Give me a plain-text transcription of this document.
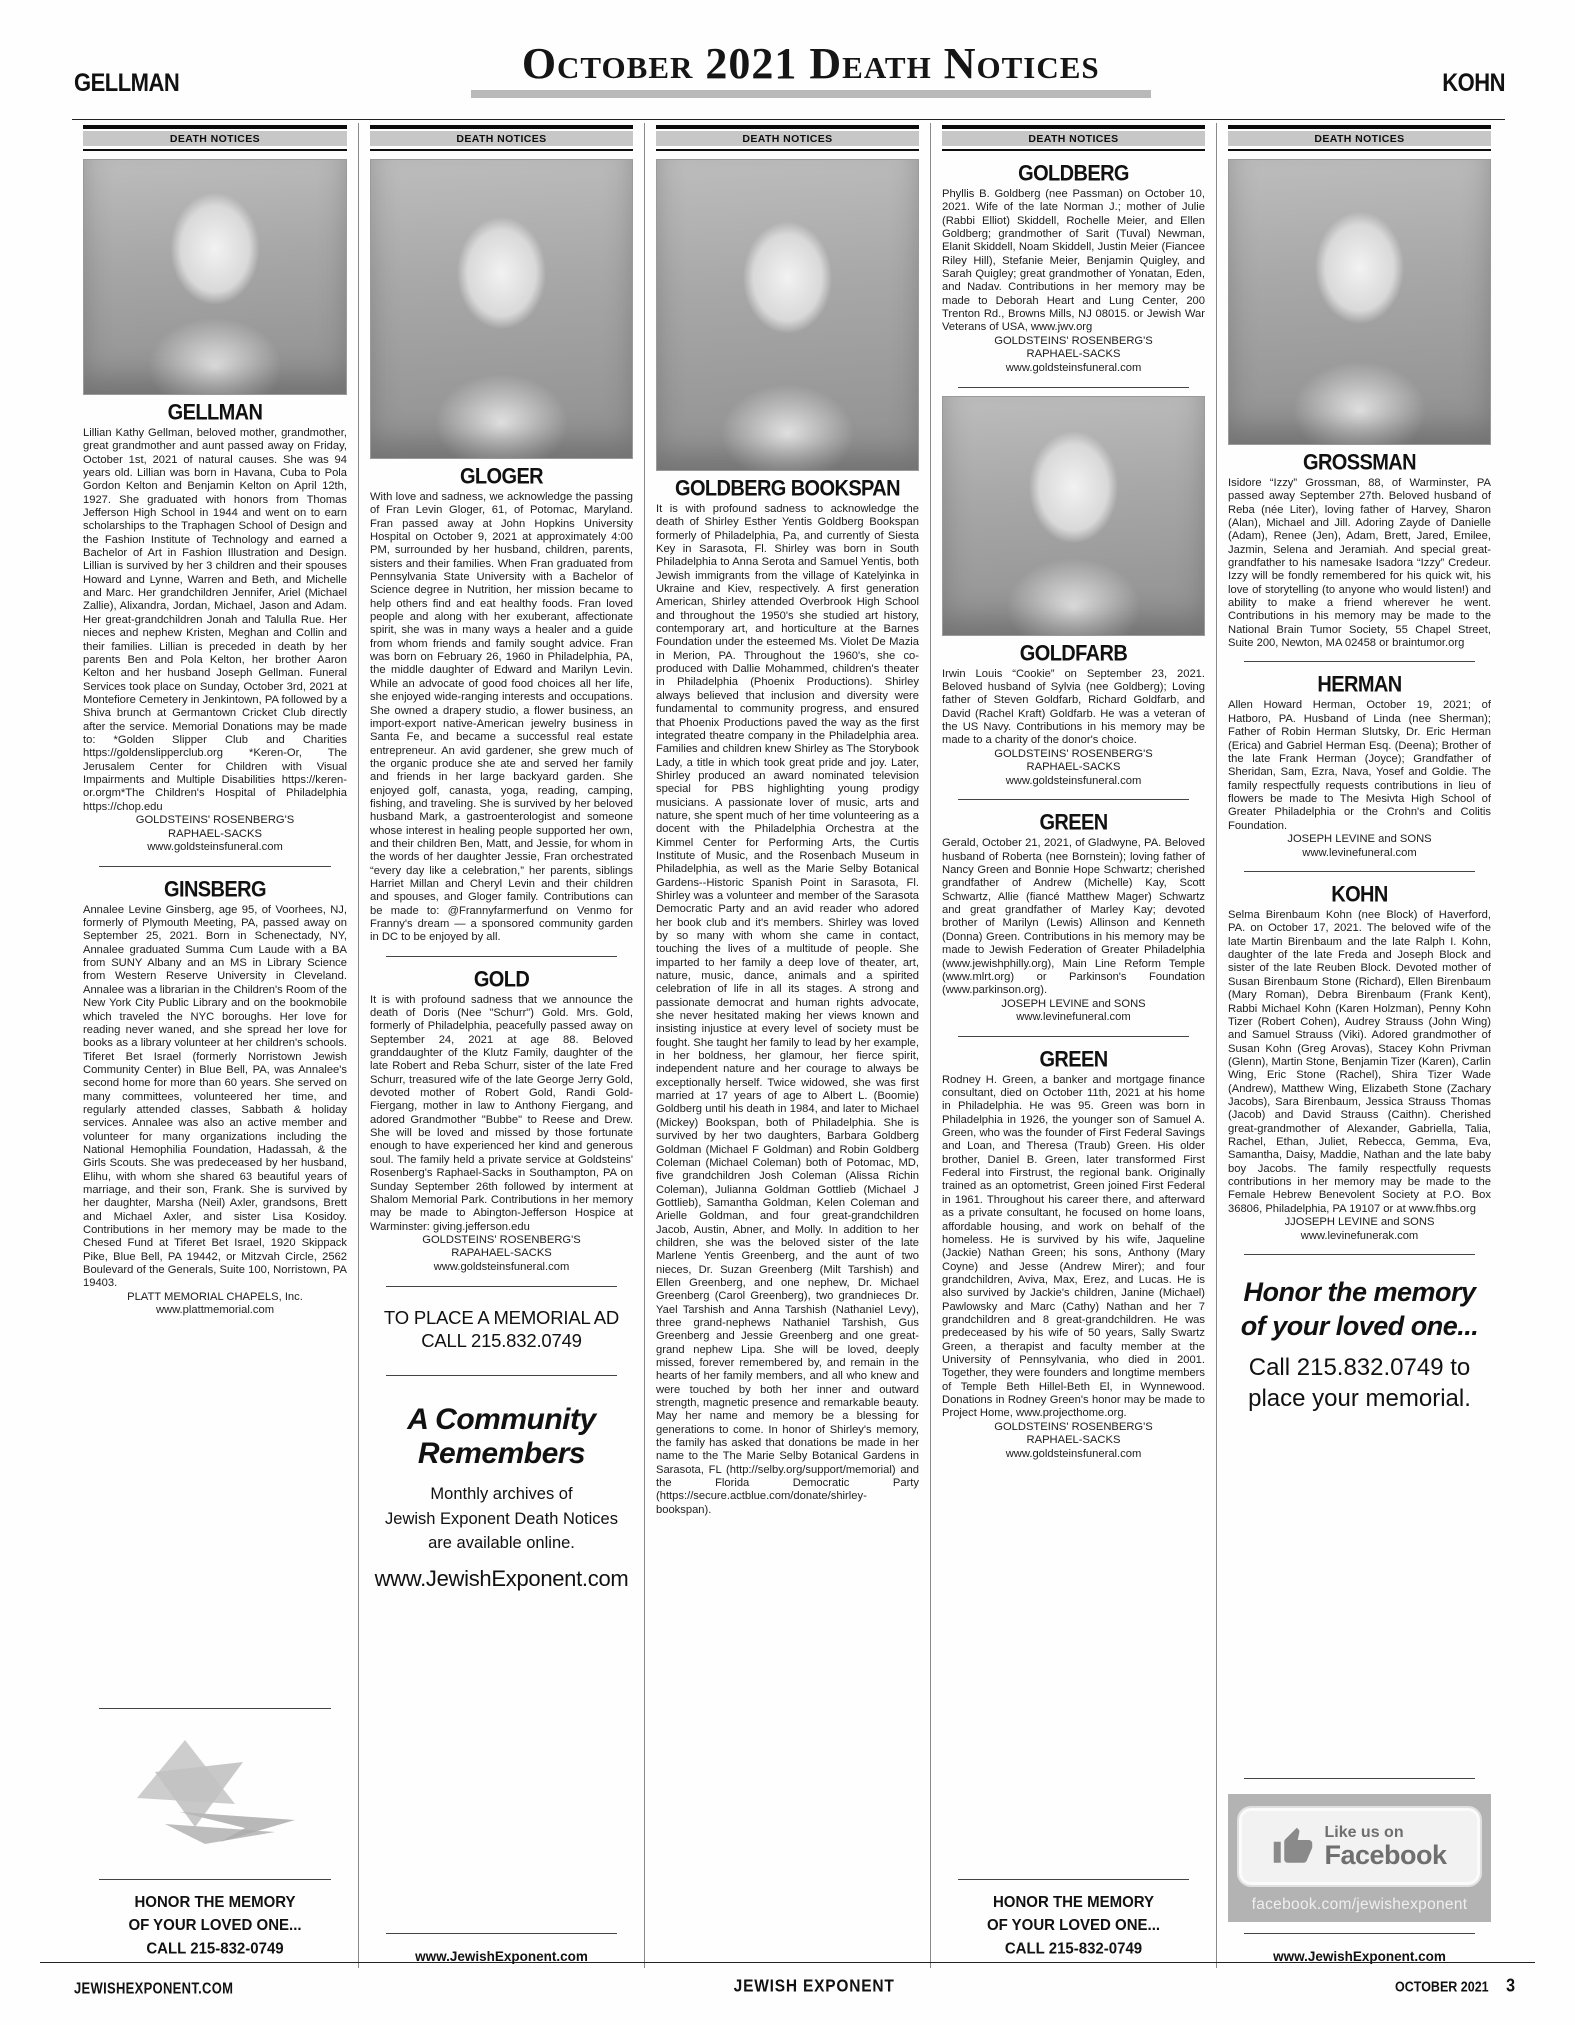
GELLMAN	October 2021 Death Notices	KOHN
DEATH NOTICES
GELLMAN
Lillian Kathy Gellman, beloved mother, grandmother, great grandmother and aunt passed away on Friday, October 1st, 2021 of natural causes. She was 94 years old. Lillian was born in Havana, Cuba to Pola Gordon Kelton and Benjamin Kelton on April 12th, 1927. She graduated with honors from Thomas Jefferson High School in 1944 and went on to earn scholarships to the Traphagen School of Design and the Fashion Institute of Technology and earned a Bachelor of Art in Fashion Illustration and Design. Lillian is survived by her 3 children and their spouses Howard and Lynne, Warren and Beth, and Michelle and Marc. Her grandchildren Jennifer, Ariel (Michael Zallie), Alixandra, Jordan, Michael, Jason and Adam. Her great-grandchildren Jonah and Talulla Rue. Her nieces and nephew Kristen, Meghan and Collin and their families. Lillian is preceded in death by her parents Ben and Pola Kelton, her brother Aaron Kelton and her husband Joseph Gellman. Funeral Services took place on Sunday, October 3rd, 2021 at Montefiore Cemetery in Jenkintown, PA followed by a Shiva brunch at Germantown Cricket Club directly after the service. Memorial Donations may be made to: *Golden Slipper Club and Charities https://goldenslipperclub.org *Keren-Or, The Jerusalem Center for Children with Visual Impairments and Multiple Disabilities https://keren-or.orgm*The Children's Hospital of Philadelphia https://chop.edu
GOLDSTEINS' ROSENBERG'S
RAPHAEL-SACKS
www.goldsteinsfuneral.com
GINSBERG
Annalee Levine Ginsberg, age 95, of Voorhees, NJ, formerly of Plymouth Meeting, PA, passed away on September 25, 2021. Born in Schenectady, NY, Annalee graduated Summa Cum Laude with a BA from SUNY Albany and an MS in Library Science from Western Reserve University in Cleveland. Annalee was a librarian in the Children's Room of the New York City Public Library and on the bookmobile which traveled the NYC boroughs. Her love for reading never waned, and she spread her love for books as a library volunteer at her children's schools. Tiferet Bet Israel (formerly Norristown Jewish Community Center) in Blue Bell, PA, was Annalee's second home for more than 60 years. She served on many committees, volunteered her time, and regularly attended classes, Sabbath & holiday services. Annalee was also an active member and volunteer for many organizations including the National Hemophilia Foundation, Hadassah, & the Girls Scouts. She was predeceased by her husband, Elihu, with whom she shared 63 beautiful years of marriage, and their son, Frank. She is survived by her daughter, Marsha (Neil) Axler, grandsons, Brett and Michael Axler, and sister Lisa Kosidoy. Contributions in her memory may be made to the Chesed Fund at Tiferet Bet Israel, 1920 Skippack Pike, Blue Bell, PA 19442, or Mitzvah Circle, 2562 Boulevard of the Generals, Suite 100, Norristown, PA 19403.
PLATT MEMORIAL CHAPELS, Inc.
www.plattmemorial.com
HONOR THE MEMORY
OF YOUR LOVED ONE...
CALL 215-832-0749
DEATH NOTICES
GLOGER
With love and sadness, we acknowledge the passing of Fran Levin Gloger, 61, of Potomac, Maryland. Fran passed away at John Hopkins University Hospital on October 9, 2021 at approximately 4:00 PM, surrounded by her husband, children, parents, sisters and their families. When Fran graduated from Pennsylvania State University with a Bachelor of Science degree in Nutrition, her mission became to help others find and eat healthy foods. Fran loved people and along with her exuberant, affectionate spirit, she was in many ways a healer and a guide from whom friends and family sought advice. Fran was born on February 26, 1960 in Philadelphia, PA, the middle daughter of Edward and Marilyn Levin. While an advocate of good food choices all her life, she enjoyed wide-ranging interests and occupations. She owned a drapery studio, a flower business, an import-export native-American jewelry business in Santa Fe, and became a successful real estate entrepreneur. An avid gardener, she grew much of the organic produce she ate and served her family and friends in her large backyard garden. She enjoyed golf, canasta, yoga, reading, camping, fishing, and traveling. She is survived by her beloved husband Mark, a gastroenterologist and someone whose interest in healing people supported her own, and their children Ben, Matt, and Jessie, for whom in the words of her daughter Jessie, Fran orchestrated “every day like a celebration,” her parents, siblings Harriet Millan and Cheryl Levin and their children and spouses, and Gloger family. Contributions can be made to: @Frannyfarmerfund on Venmo for Franny's dream — a sponsored community garden in DC to be enjoyed by all.
GOLD
It is with profound sadness that we announce the death of Doris (Nee "Schurr") Gold. Mrs. Gold, formerly of Philadelphia, peacefully passed away on September 24, 2021 at age 88. Beloved granddaughter of the Klutz Family, daughter of the late Robert and Reba Schurr, sister of the late Fred Schurr, treasured wife of the late George Jerry Gold, devoted mother of Robert Gold, Randi Gold-Fiergang, mother in law to Anthony Fiergang, and adored Grandmother "Bubbe" to Reese and Drew. She will be loved and missed by those fortunate enough to have experienced her kind and generous soul. The family held a private service at Goldsteins' Rosenberg's Raphael-Sacks in Southampton, PA on Sunday September 26th followed by interment at Shalom Memorial Park. Contributions in her memory may be made to Abington-Jefferson Hospice at Warminster: giving.jefferson.edu
GOLDSTEINS' ROSENBERG'S
RAPAHAEL-SACKS
www.goldsteinsfuneral.com
TO PLACE A MEMORIAL AD
CALL 215.832.0749
A Community
Remembers
Monthly archives of
Jewish Exponent Death Notices
are available online.
www.JewishExponent.com
www.JewishExponent.com
DEATH NOTICES
GOLDBERG BOOKSPAN
It is with profound sadness to acknowledge the death of Shirley Esther Yentis Goldberg Bookspan formerly of Philadelphia, Pa, and currently of Siesta Key in Sarasota, Fl. Shirley was born in South Philadelphia to Anna Serota and Samuel Yentis, both Jewish immigrants from the village of Katelyinka in Ukraine and Kiev, respectively. A first generation American, Shirley attended Overbrook High School and throughout the 1950's she studied art history, contemporary art, and horticulture at the Barnes Foundation under the esteemed Ms. Violet De Mazia in Merion, PA. Throughout the 1960's, she co-produced with Dallie Mohammed, children's theater in Philadelphia (Phoenix Productions). Shirley always believed that inclusion and diversity were fundamental to community progress, and ensured that Phoenix Productions paved the way as the first integrated theatre company in the Philadelphia area. Families and children knew Shirley as The Storybook Lady, a title in which took great pride and joy. Later, Shirley produced an award nominated television special for PBS highlighting young prodigy musicians. A passionate lover of music, arts and nature, she spent much of her time volunteering as a docent with the Philadelphia Orchestra at the Kimmel Center for Performing Arts, the Curtis Institute of Music, and the Rosenbach Museum in Philadelphia, as well as the Marie Selby Botanical Gardens--Historic Spanish Point in Sarasota, Fl. Shirley was a volunteer and member of the Sarasota Democratic Party and an avid reader who adored her book club and it's members. Shirley was loved by so many with whom she came in contact, touching the lives of a multitude of people. She imparted to her family a deep love of theater, art, nature, music, dance, animals and a spirited celebration of life in all its stages. A strong and passionate democrat and human rights advocate, she never hesitated making her views known and insisting injustice at every level of society must be fought. She taught her family to lead by her example, in her boldness, her glamour, her fierce spirit, independent nature and her courage to always be exceptionally herself. Twice widowed, she was first married at 17 years of age to Albert L. (Boomie) Goldberg until his death in 1984, and later to Michael (Mickey) Bookspan, both of Philadelphia. She is survived by her two daughters, Barbara Goldberg Goldman (Michael F Goldman) and Robin Goldberg Coleman (Michael Coleman) both of Potomac, MD, five grandchildren Josh Coleman (Alissa Richin Coleman), Julianna Goldman Gottlieb (Michael J Gottlieb), Samantha Goldman, Kelen Coleman and Arielle Goldman, and four great-grandchildren Jacob, Austin, Abner, and Molly. In addition to her children, she was the beloved sister of the late Marlene Yentis Greenberg, and the aunt of two nieces, Dr. Suzan Greenberg (Milt Tarshish) and Ellen Greenberg, and one nephew, Dr. Michael Greenberg (Carol Greenberg), two grandnieces Dr. Yael Tarshish and Anna Tarshish (Nathaniel Levy), three grand-nephews Nathaniel Tarshish, Gus Greenberg and Jessie Greenberg and one great-grand nephew Lipa. She will be loved, deeply missed, forever remembered by, and remain in the hearts of her family members, and all who knew and were touched by both her inner and outward strength, magnetic presence and remarkable beauty. May her name and memory be a blessing for generations to come. In honor of Shirley's memory, the family has asked that donations be made in her name to the The Marie Selby Botanical Gardens in Sarasota, FL (http://selby.org/support/memorial) and the Florida Democratic Party (https://secure.actblue.com/donate/shirley-bookspan).
DEATH NOTICES
GOLDBERG
Phyllis B. Goldberg (nee Passman) on October 10, 2021. Wife of the late Norman J.; mother of Julie (Rabbi Elliot) Skiddell, Rochelle Meier, and Ellen Goldberg; grandmother of Sarit (Tuval) Newman, Elanit Skiddell, Noam Skiddell, Justin Meier (Fiancee Riley Hill), Stefanie Meier, Benjamin Quigley, and Sarah Quigley; great grandmother of Yonatan, Eden, and Nadav. Contributions in her memory may be made to Deborah Heart and Lung Center, 200 Trenton Rd., Browns Mills, NJ 08015. or Jewish War Veterans of USA, www.jwv.org
GOLDSTEINS' ROSENBERG'S
RAPHAEL-SACKS
www.goldsteinsfuneral.com
GOLDFARB
Irwin Louis “Cookie” on September 23, 2021. Beloved husband of Sylvia (nee Goldberg); Loving father of Steven Goldfarb, Richard Goldfarb, and David (Rachel Kraft) Goldfarb. He was a veteran of the US Navy. Contributions in his memory may be made to a charity of the donor's choice.
GOLDSTEINS' ROSENBERG'S
RAPHAEL-SACKS
www.goldsteinsfuneral.com
GREEN
Gerald, October 21, 2021, of Gladwyne, PA. Beloved husband of Roberta (nee Bornstein); loving father of Nancy Green and Bonnie Hope Schwartz; cherished grandfather of Andrew (Michelle) Kay, Scott Schwartz, Allie (fiancé Matthew Mager) Schwartz and great grandfather of Marley Kay; devoted brother of Marilyn (Lewis) Allinson and Kenneth (Donna) Green. Contributions in his memory may be made to Jewish Federation of Greater Philadelphia (www.jewishphilly.org), Main Line Reform Temple (www.mlrt.org) or Parkinson's Foundation (www.parkinson.org).
JOSEPH LEVINE and SONS
www.levinefuneral.com
GREEN
Rodney H. Green, a banker and mortgage finance consultant, died on October 11th, 2021 at his home in Philadelphia. He was 95. Green was born in Philadelphia in 1926, the younger son of Samuel A. Green, who was the founder of First Federal Savings and Loan, and Theresa (Traub) Green. His older brother, Daniel B. Green, later transformed First Federal into Firstrust, the regional bank. Originally trained as an optometrist, Green joined First Federal in 1961. Throughout his career there, and afterward as a private consultant, he focused on home loans, affordable housing, and work on behalf of the homeless. He is survived by his wife, Jaqueline (Jackie) Nathan Green; his sons, Anthony (Mary Coyne) and Jesse (Andrew Mirer); and four grandchildren, Aviva, Max, Erez, and Lucas. He is also survived by Jackie's children, Janine (Michael) Pawlowsky and Marc (Cathy) Nathan and her 7 grandchildren and 8 great-grandchildren. He was predeceased by his wife of 50 years, Sally Swartz Green, a therapist and faculty member at the University of Pennsylvania, who died in 2001. Together, they were founders and longtime members of Temple Beth Hillel-Beth El, in Wynnewood. Donations in Rodney Green's honor may be made to Project Home, www.projecthome.org.
GOLDSTEINS' ROSENBERG'S
RAPHAEL-SACKS
www.goldsteinsfuneral.com
HONOR THE MEMORY
OF YOUR LOVED ONE...
CALL 215-832-0749
DEATH NOTICES
GROSSMAN
Isidore “Izzy” Grossman, 88, of Warminster, PA passed away September 27th. Beloved husband of Reba (née Liter), loving father of Harvey, Sharon (Alan), Michael and Jill. Adoring Zayde of Danielle (Adam), Renee (Jen), Adam, Brett, Jared, Emilee, Jazmin, Selena and Jeramiah. And special great-grandfather to his namesake Isadora “Izzy” Credeur. Izzy will be fondly remembered for his quick wit, his love of storytelling (to anyone who would listen!) and ability to make a friend wherever he went. Contributions in his memory may be made to the National Brain Tumor Society, 55 Chapel Street, Suite 200, Newton, MA 02458 or braintumor.org
HERMAN
Allen Howard Herman, October 19, 2021; of Hatboro, PA. Husband of Linda (nee Sherman); Father of Robin Herman Slutsky, Dr. Eric Herman (Erica) and Gabriel Herman Esq. (Deena); Brother of the late Frank Herman (Joyce); Grandfather of Sheridan, Sam, Ezra, Nava, Yosef and Goldie. The family respectfully requests contributions in lieu of flowers be made to The Mesivta High School of Greater Philadelphia or the Crohn's and Colitis Foundation.
JOSEPH LEVINE and SONS
www.levinefuneral.com
KOHN
Selma Birenbaum Kohn (nee Block) of Haverford, PA. on October 17, 2021. The beloved wife of the late Martin Birenbaum and the late Ralph I. Kohn, daughter of the late Freda and Joseph Block and sister of the late Reuben Block. Devoted mother of Susan Birenbaum Stone (Richard), Ellen Birenbaum (Mary Roman), Debra Birenbaum (Frank Kent), Rabbi Michael Kohn (Karen Holzman), Penny Kohn Tizer (Robert Cohen), Audrey Strauss (John Wing) and Samuel Strauss (Viki). Adored grandmother of Susan Kohn (Greg Arovas), Stacey Kohn Privman (Glenn), Martin Stone, Benjamin Tizer (Karen), Carlin Wing, Eric Stone (Rachel), Shira Tizer Wade (Andrew), Matthew Wing, Elizabeth Stone (Zachary Jacobs), Sara Birenbaum, Jessica Strauss Thomas (Jacob) and David Strauss (Caithn). Cherished great-grandmother of Alexander, Gabriella, Talia, Rachel, Ethan, Juliet, Rebecca, Gemma, Eva, Samantha, Daisy, Maddie, Nathan and the late baby boy Jacobs. The family respectfully requests contributions in her memory may be made to the Female Hebrew Benevolent Society at P.O. Box 36806, Philadelphia, PA 19107 or at www.fhbs.org
JJOSEPH LEVINE and SONS
www.levinefunerak.com
Honor the memory of your loved one...
Call 215.832.0749 to place your memorial.
Like us on
Facebook
facebook.com/jewishexponent
www.JewishExponent.com
JEWISHEXPONENT.COM	JEWISH EXPONENT	OCTOBER 2021 3
